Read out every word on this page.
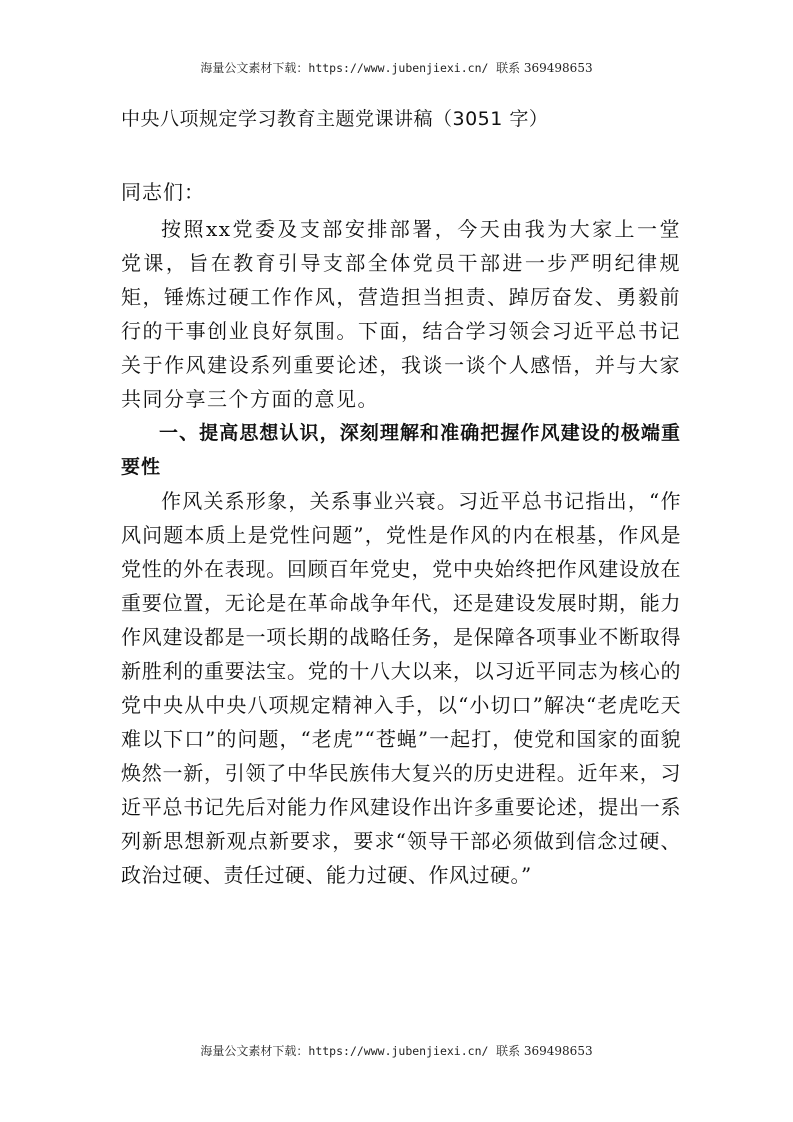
海量公文素材下载：https://www.jubenjiexi.cn/ 联系 369498653
中央八项规定学习教育主题党课讲稿（3051 字）
同志们：

按照xx党委及支部安排部署，今天由我为大家上一堂党课，旨在教育引导支部全体党员干部进一步严明纪律规矩，锤炼过硬工作作风，营造担当担责、踔厉奋发、勇毅前行的干事创业良好氛围。下面，结合学习领会习近平总书记关于作风建设系列重要论述，我谈一谈个人感悟，并与大家共同分享三个方面的意见。

一、提高思想认识，深刻理解和准确把握作风建设的极端重要性

作风关系形象，关系事业兴衰。习近平总书记指出，“作风问题本质上是党性问题”，党性是作风的内在根基，作风是党性的外在表现。回顾百年党史，党中央始终把作风建设放在重要位置，无论是在革命战争年代，还是建设发展时期，能力作风建设都是一项长期的战略任务，是保障各项事业不断取得新胜利的重要法宝。党的十八大以来，以习近平同志为核心的党中央从中央八项规定精神入手，以“小切口”解决“老虎吃天难以下口”的问题，“老虎”“苍蝇”一起打，使党和国家的面貌焕然一新，引领了中华民族伟大复兴的历史进程。近年来，习近平总书记先后对能力作风建设作出许多重要论述，提出一系列新思想新观点新要求，要求“领导干部必须做到信念过硬、政治过硬、责任过硬、能力过硬、作风过硬。”

海量公文素材下载：https://www.jubenjiexi.cn/ 联系 369498653
